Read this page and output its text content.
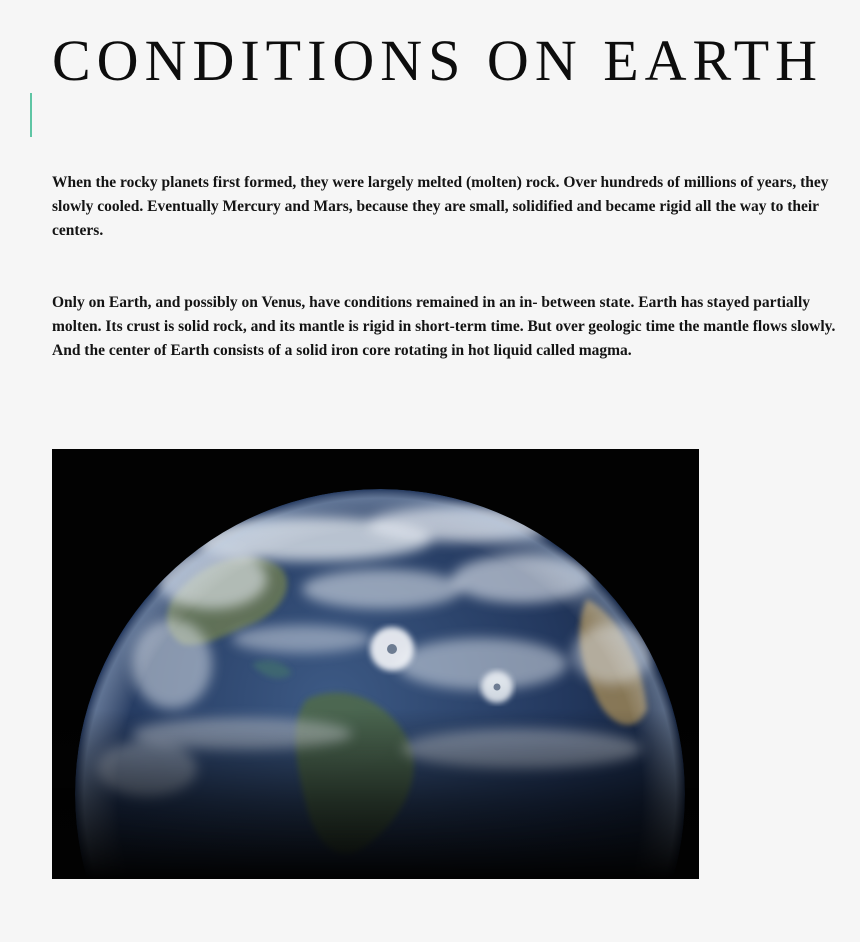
CONDITIONS ON EARTH

When the rocky planets first formed, they were largely melted (molten) rock. Over hundreds of millions of years, they slowly cooled. Eventually Mercury and Mars, because they are small, solidified and became rigid all the way to their centers.

Only on Earth, and possibly on Venus, have conditions remained in an in- between state. Earth has stayed partially molten. Its crust is solid rock, and its mantle is rigid in short-term time. But over geologic time the mantle flows slowly. And the center of Earth consists of a solid iron core rotating in hot liquid called magma.
